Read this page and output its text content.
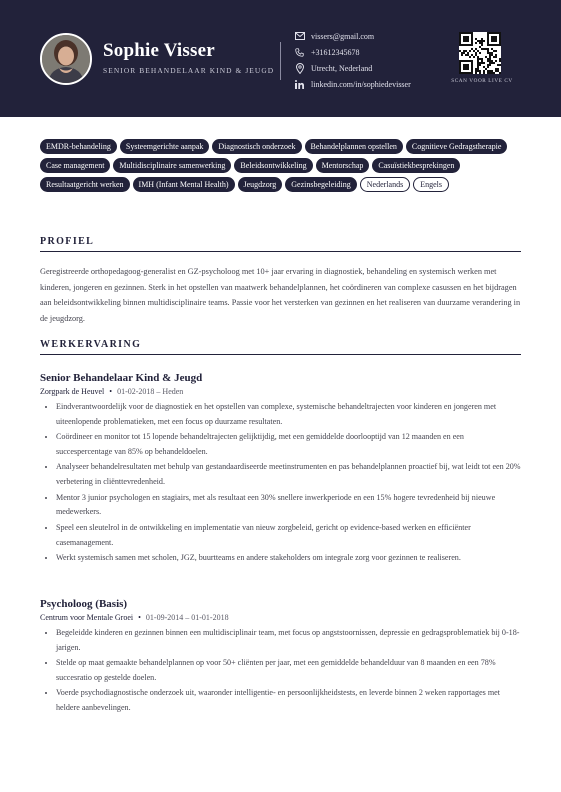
Sophie Visser
SENIOR BEHANDELAAR KIND & JEUGD
vissers@gmail.com
+31612345678
Utrecht, Nederland
linkedin.com/in/sophiedevisser	SCAN VOOR LIVE CV
EMDR-behandeling	Systeemgerichte aanpak	Diagnostisch onderzoek	Behandelplannen opstellen	Cognitieve Gedragstherapie
Case management	Multidisciplinaire samenwerking	Beleidsontwikkeling	Mentorschap	Casuïstiekbesprekingen
Resultaatgericht werken	IMH (Infant Mental Health)	Jeugdzorg	Gezinsbegeleiding	Nederlands	Engels
PROFIEL
Geregistreerde orthopedagoog-generalist en GZ-psycholoog met 10+ jaar ervaring in diagnostiek, behandeling en systemisch werken met kinderen, jongeren en gezinnen. Sterk in het opstellen van maatwerk behandelplannen, het coördineren van complexe casussen en het bijdragen aan beleidsontwikkeling binnen multidisciplinaire teams. Passie voor het versterken van gezinnen en het realiseren van duurzame verandering in de jeugdzorg.
WERKERVARING
Senior Behandelaar Kind & Jeugd
Zorgpark de Heuvel • 01-02-2018 – Heden
• Eindverantwoordelijk voor de diagnostiek en het opstellen van complexe, systemische behandeltrajecten voor kinderen en jongeren met uiteenlopende problematieken, met een focus op duurzame resultaten.
• Coördineer en monitor tot 15 lopende behandeltrajecten gelijktijdig, met een gemiddelde doorlooptijd van 12 maanden en een succespercentage van 85% op behandeldoelen.
• Analyseer behandelresultaten met behulp van gestandaardiseerde meetinstrumenten en pas behandelplannen proactief bij, wat leidt tot een 20% verbetering in cliënttevredenheid.
• Mentor 3 junior psychologen en stagiairs, met als resultaat een 30% snellere inwerkperiode en een 15% hogere tevredenheid bij nieuwe medewerkers.
• Speel een sleutelrol in de ontwikkeling en implementatie van nieuw zorgbeleid, gericht op evidence-based werken en efficiënter casemanagement.
• Werkt systemisch samen met scholen, JGZ, buurtteams en andere stakeholders om integrale zorg voor gezinnen te realiseren.
Psycholoog (Basis)
Centrum voor Mentale Groei • 01-09-2014 – 01-01-2018
• Begeleidde kinderen en gezinnen binnen een multidisciplinair team, met focus op angststoornissen, depressie en gedragsproblematiek bij 0-18-jarigen.
• Stelde op maat gemaakte behandelplannen op voor 50+ cliënten per jaar, met een gemiddelde behandelduur van 8 maanden en een 78% succesratio op gestelde doelen.
• Voerde psychodiagnostische onderzoek uit, waaronder intelligentie- en persoonlijkheidstests, en leverde binnen 2 weken rapportages met heldere aanbevelingen.
